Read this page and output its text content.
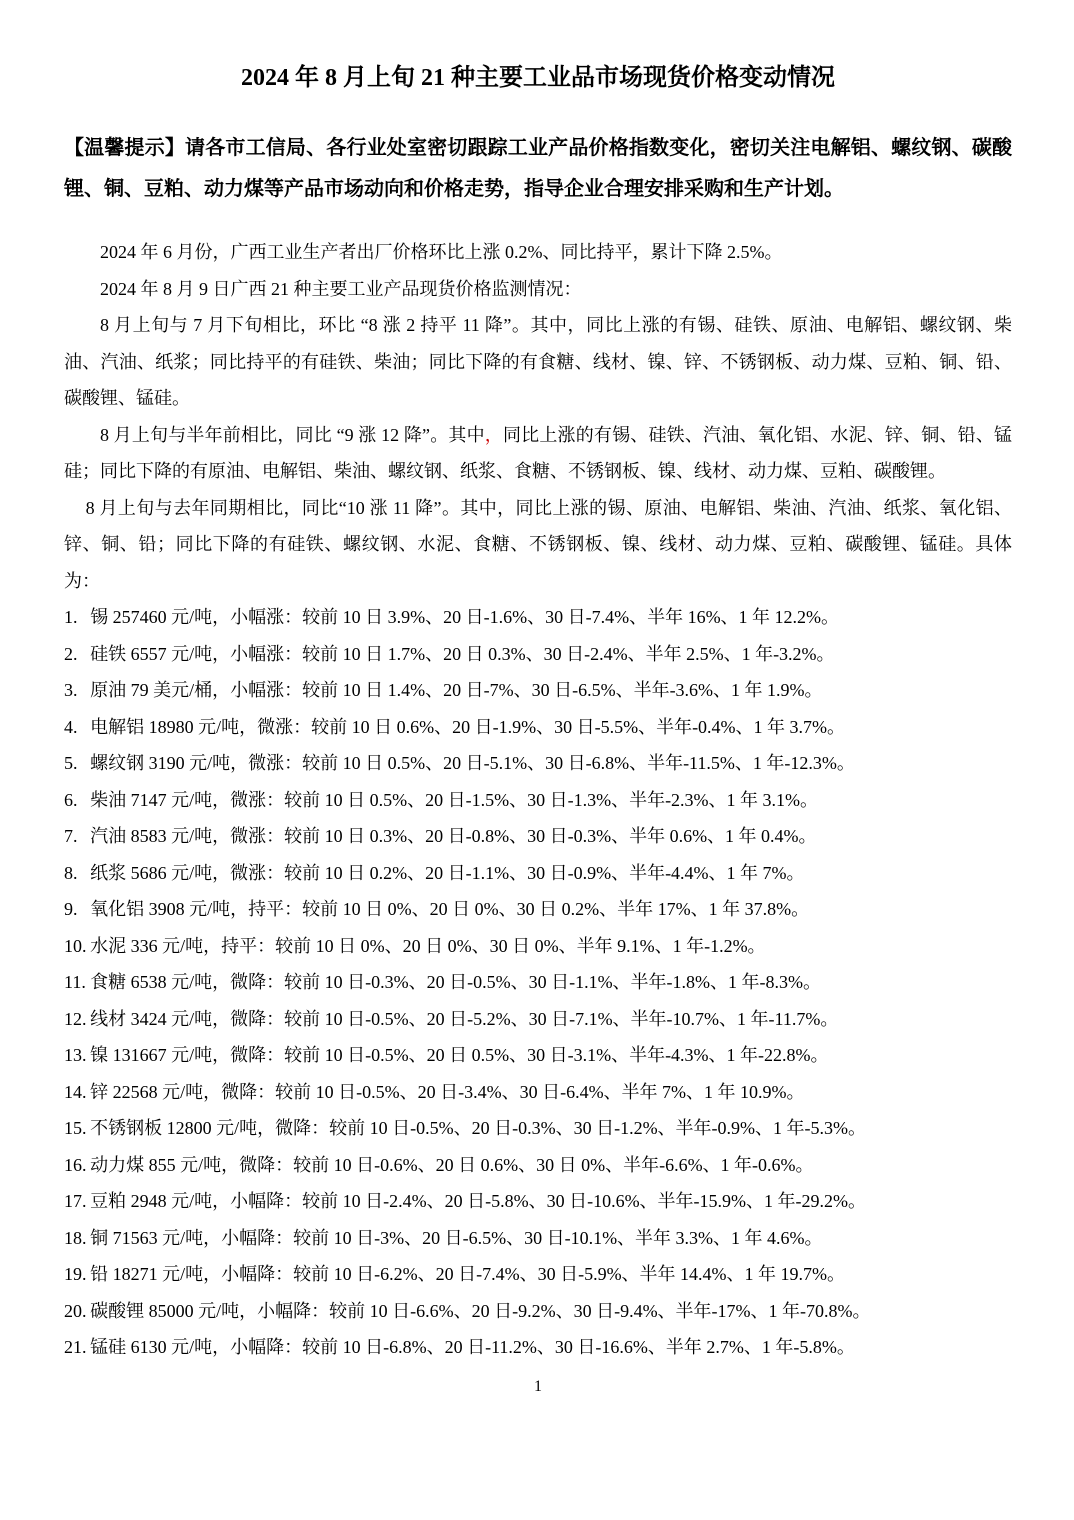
2024 年 8 月上旬 21 种主要工业品市场现货价格变动情况

【温馨提示】请各市工信局、各行业处室密切跟踪工业产品价格指数变化，密切关注电解铝、螺纹钢、碳酸锂、铜、豆粕、动力煤等产品市场动向和价格走势，指导企业合理安排采购和生产计划。

2024 年 6 月份，广西工业生产者出厂价格环比上涨 0.2%、同比持平，累计下降 2.5%。

2024 年 8 月 9 日广西 21 种主要工业产品现货价格监测情况：

8 月上旬与 7 月下旬相比，环比 “8 涨 2 持平 11 降”。其中，同比上涨的有锡、硅铁、原油、电解铝、螺纹钢、柴油、汽油、纸浆；同比持平的有硅铁、柴油；同比下降的有食糖、线材、镍、锌、不锈钢板、动力煤、豆粕、铜、铅、碳酸锂、锰硅。

8 月上旬与半年前相比，同比 “9 涨 12 降”。其中，同比上涨的有锡、硅铁、汽油、氧化铝、水泥、锌、铜、铅、锰硅；同比下降的有原油、电解铝、柴油、螺纹钢、纸浆、食糖、不锈钢板、镍、线材、动力煤、豆粕、碳酸锂。

8 月上旬与去年同期相比，同比“10 涨 11 降”。其中，同比上涨的锡、原油、电解铝、柴油、汽油、纸浆、氧化铝、锌、铜、铅；同比下降的有硅铁、螺纹钢、水泥、食糖、不锈钢板、镍、线材、动力煤、豆粕、碳酸锂、锰硅。具体为：

1. 锡 257460 元/吨，小幅涨：较前 10 日 3.9%、20 日-1.6%、30 日-7.4%、半年 16%、1 年 12.2%。
2. 硅铁 6557 元/吨，小幅涨：较前 10 日 1.7%、20 日 0.3%、30 日-2.4%、半年 2.5%、1 年-3.2%。
3. 原油 79 美元/桶，小幅涨：较前 10 日 1.4%、20 日-7%、30 日-6.5%、半年-3.6%、1 年 1.9%。
4. 电解铝 18980 元/吨，微涨：较前 10 日 0.6%、20 日-1.9%、30 日-5.5%、半年-0.4%、1 年 3.7%。
5. 螺纹钢 3190 元/吨，微涨：较前 10 日 0.5%、20 日-5.1%、30 日-6.8%、半年-11.5%、1 年-12.3%。
6. 柴油 7147 元/吨，微涨：较前 10 日 0.5%、20 日-1.5%、30 日-1.3%、半年-2.3%、1 年 3.1%。
7. 汽油 8583 元/吨，微涨：较前 10 日 0.3%、20 日-0.8%、30 日-0.3%、半年 0.6%、1 年 0.4%。
8. 纸浆 5686 元/吨，微涨：较前 10 日 0.2%、20 日-1.1%、30 日-0.9%、半年-4.4%、1 年 7%。
9. 氧化铝 3908 元/吨，持平：较前 10 日 0%、20 日 0%、30 日 0.2%、半年 17%、1 年 37.8%。
10. 水泥 336 元/吨，持平：较前 10 日 0%、20 日 0%、30 日 0%、半年 9.1%、1 年-1.2%。
11. 食糖 6538 元/吨，微降：较前 10 日-0.3%、20 日-0.5%、30 日-1.1%、半年-1.8%、1 年-8.3%。
12. 线材 3424 元/吨，微降：较前 10 日-0.5%、20 日-5.2%、30 日-7.1%、半年-10.7%、1 年-11.7%。
13. 镍 131667 元/吨，微降：较前 10 日-0.5%、20 日 0.5%、30 日-3.1%、半年-4.3%、1 年-22.8%。
14. 锌 22568 元/吨，微降：较前 10 日-0.5%、20 日-3.4%、30 日-6.4%、半年 7%、1 年 10.9%。
15. 不锈钢板 12800 元/吨，微降：较前 10 日-0.5%、20 日-0.3%、30 日-1.2%、半年-0.9%、1 年-5.3%。
16. 动力煤 855 元/吨，微降：较前 10 日-0.6%、20 日 0.6%、30 日 0%、半年-6.6%、1 年-0.6%。
17. 豆粕 2948 元/吨，小幅降：较前 10 日-2.4%、20 日-5.8%、30 日-10.6%、半年-15.9%、1 年-29.2%。
18. 铜 71563 元/吨，小幅降：较前 10 日-3%、20 日-6.5%、30 日-10.1%、半年 3.3%、1 年 4.6%。
19. 铅 18271 元/吨，小幅降：较前 10 日-6.2%、20 日-7.4%、30 日-5.9%、半年 14.4%、1 年 19.7%。
20. 碳酸锂 85000 元/吨，小幅降：较前 10 日-6.6%、20 日-9.2%、30 日-9.4%、半年-17%、1 年-70.8%。
21. 锰硅 6130 元/吨，小幅降：较前 10 日-6.8%、20 日-11.2%、30 日-16.6%、半年 2.7%、1 年-5.8%。
1
